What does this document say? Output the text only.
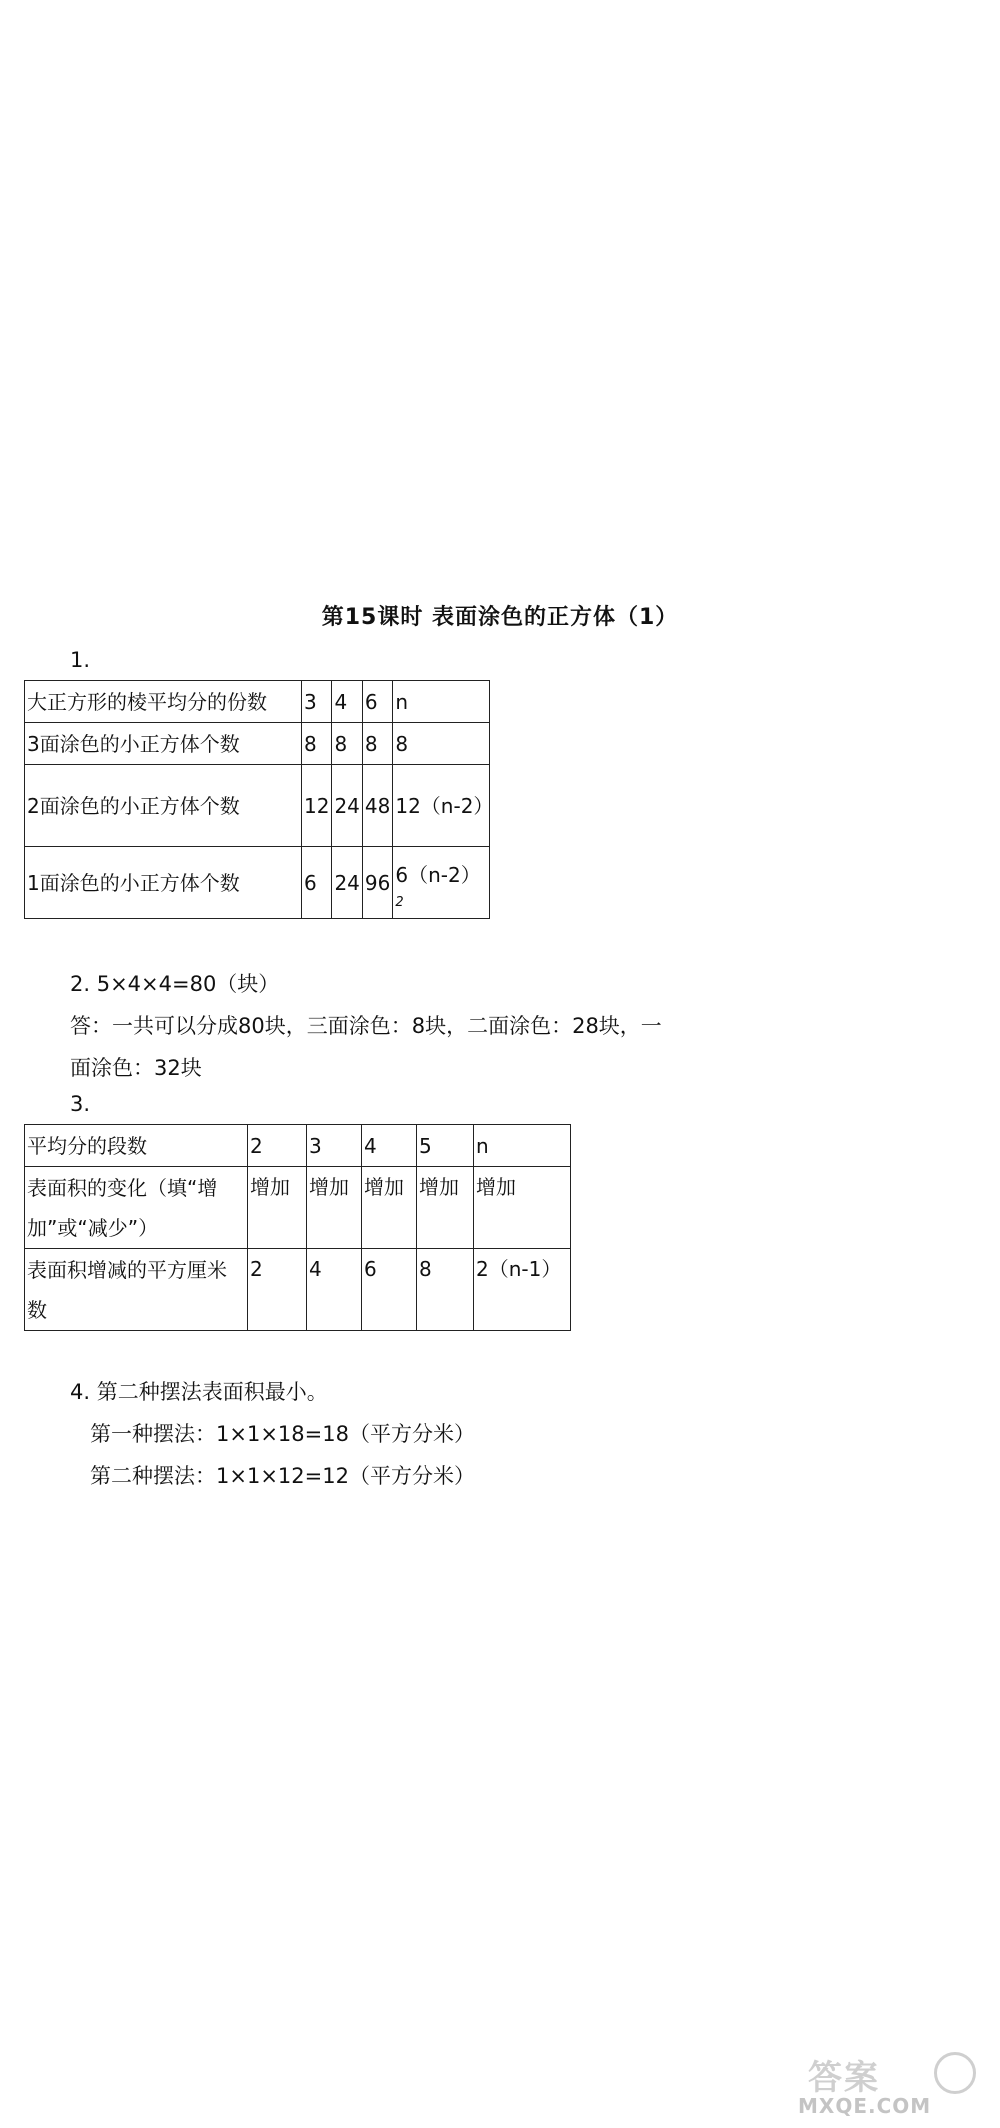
第15课时 表面涂色的正方体（1）
1.
大正方形的棱平均分的份数	3	4	6	n
3面涂色的小正方体个数	8	8	8	8
2面涂色的小正方体个数	12	24	48	12（n-2）
1面涂色的小正方体个数	6	24	96	6（n-2）
2
2. 5×4×4=80（块）
答：一共可以分成80块，三面涂色：8块，二面涂色：28块，一
面涂色：32块
3.
平均分的段数	2	3	4	5	n
表面积的变化（填“增加”或“减少”）	增加	增加	增加	增加	增加
表面积增减的平方厘米数	2	4	6	8	2（n-1）
4. 第二种摆法表面积最小。
第一种摆法：1×1×18=18（平方分米）
第二种摆法：1×1×12=12（平方分米）
答案
MXQE.COM
